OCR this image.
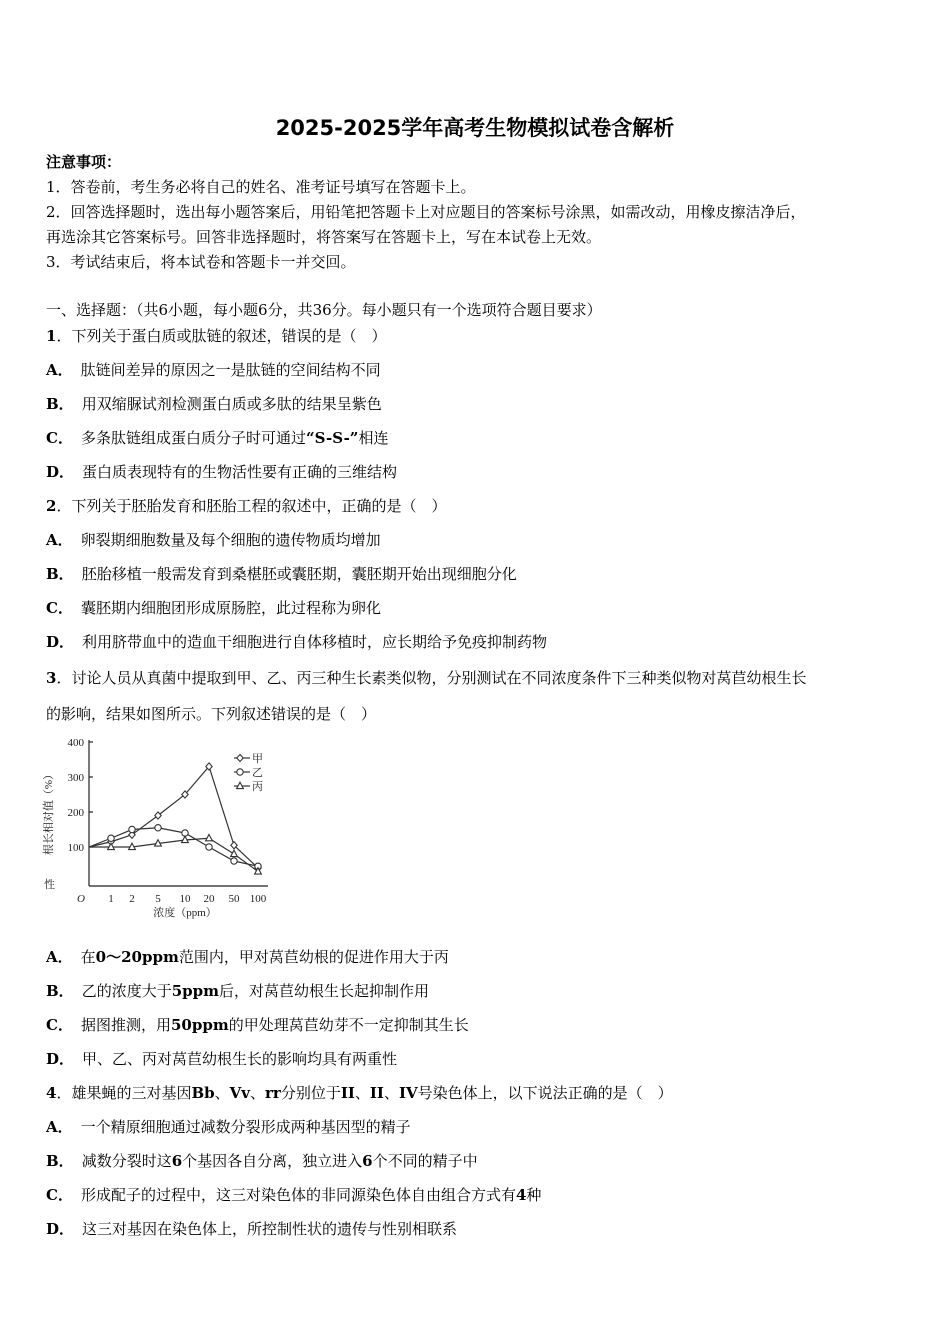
2025-2025学年高考生物模拟试卷含解析
注意事项：
1．答卷前，考生务必将自己的姓名、准考证号填写在答题卡上。
2．回答选择题时，选出每小题答案后，用铅笔把答题卡上对应题目的答案标号涂黑，如需改动，用橡皮擦洁净后，
再选涂其它答案标号。回答非选择题时，将答案写在答题卡上，写在本试卷上无效。
3．考试结束后，将本试卷和答题卡一并交回。
一、选择题：（共6小题，每小题6分，共36分。每小题只有一个选项符合题目要求）
1．下列关于蛋白质或肽链的叙述，错误的是（　）
A． 肽链间差异的原因之一是肽链的空间结构不同
B． 用双缩脲试剂检测蛋白质或多肽的结果呈紫色
C． 多条肽链组成蛋白质分子时可通过“S-S-”相连
D． 蛋白质表现特有的生物活性要有正确的三维结构
2．下列关于胚胎发育和胚胎工程的叙述中，正确的是（　）
A． 卵裂期细胞数量及每个细胞的遗传物质均增加
B． 胚胎移植一般需发育到桑椹胚或囊胚期，囊胚期开始出现细胞分化
C． 囊胚期内细胞团形成原肠腔，此过程称为卵化
D． 利用脐带血中的造血干细胞进行自体移植时，应长期给予免疫抑制药物
3．讨论人员从真菌中提取到甲、乙、丙三种生长素类似物，分别测试在不同浓度条件下三种类似物对莴苣幼根生长
的影响，结果如图所示。下列叙述错误的是（　）
100
200
300
400
1 2 5 10 20 50 100
O
浓度（ppm）
根长相对值（%）
性
甲
乙
丙
A． 在0～20ppm范围内，甲对莴苣幼根的促进作用大于丙
B． 乙的浓度大于5ppm后，对莴苣幼根生长起抑制作用
C． 据图推测，用50ppm的甲处理莴苣幼芽不一定抑制其生长
D． 甲、乙、丙对莴苣幼根生长的影响均具有两重性
4．雄果蝇的三对基因Bb、Vv、rr分别位于II、II、IV号染色体上，以下说法正确的是（　）
A． 一个精原细胞通过减数分裂形成两种基因型的精子
B． 减数分裂时这6个基因各自分离，独立进入6个不同的精子中
C． 形成配子的过程中，这三对染色体的非同源染色体自由组合方式有4种
D． 这三对基因在染色体上，所控制性状的遗传与性别相联系
